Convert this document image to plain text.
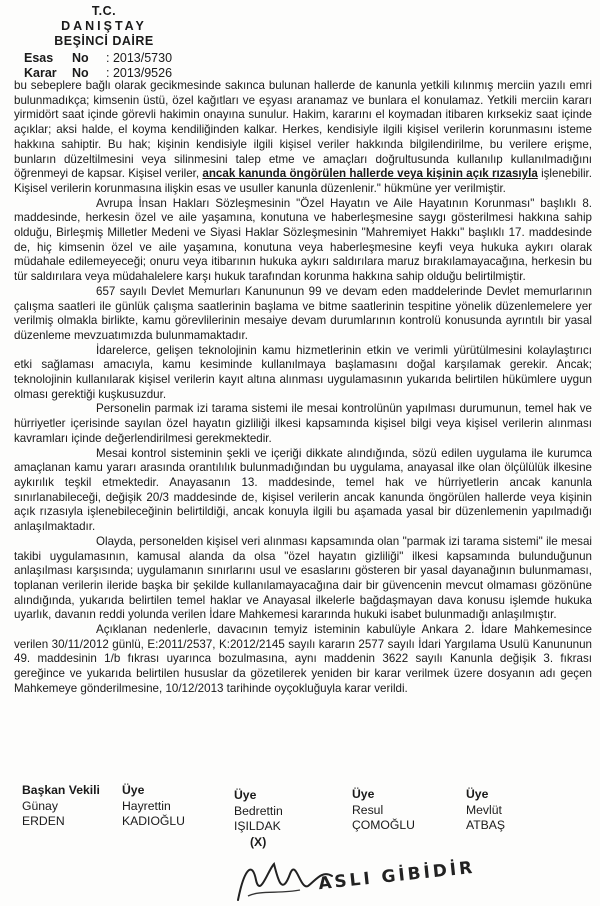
T.C.
DANIŞTAY
BEŞİNCİ DAİRE
Esas No : 2013/5730
Karar No : 2013/9526

bu sebeplere bağlı olarak gecikmesinde sakınca bulunan hallerde de kanunla yetkili kılınmış merciin yazılı emri bulunmadıkça; kimsenin üstü, özel kağıtları ve eşyası aranamaz ve bunlara el konulamaz. Yetkili merciin kararı yirmidört saat içinde görevli hakimin onayına sunulur. Hakim, kararını el koymadan itibaren kırksekiz saat içinde açıklar; aksi halde, el koyma kendiliğinden kalkar. Herkes, kendisiyle ilgili kişisel verilerin korunmasını isteme hakkına sahiptir. Bu hak; kişinin kendisiyle ilgili kişisel veriler hakkında bilgilendirilme, bu verilere erişme, bunların düzeltilmesini veya silinmesini talep etme ve amaçları doğrultusunda kullanılıp kullanılmadığını öğrenmeyi de kapsar. Kişisel veriler, ancak kanunda öngörülen hallerde veya kişinin açık rızasıyla işlenebilir. Kişisel verilerin korunmasına ilişkin esas ve usuller kanunla düzenlenir." hükmüne yer verilmiştir.

Avrupa İnsan Hakları Sözleşmesinin "Özel Hayatın ve Aile Hayatının Korunması" başlıklı 8. maddesinde, herkesin özel ve aile yaşamına, konutuna ve haberleşmesine saygı gösterilmesi hakkına sahip olduğu, Birleşmiş Milletler Medeni ve Siyasi Haklar Sözleşmesinin "Mahremiyet Hakkı" başlıklı 17. maddesinde de, hiç kimsenin özel ve aile yaşamına, konutuna veya haberleşmesine keyfi veya hukuka aykırı olarak müdahale edilemeyeceği; onuru veya itibarının hukuka aykırı saldırılara maruz bırakılamayacağına, herkesin bu tür saldırılara veya müdahalelere karşı hukuk tarafından korunma hakkına sahip olduğu belirtilmiştir.

657 sayılı Devlet Memurları Kanununun 99 ve devam eden maddelerinde Devlet memurlarının çalışma saatleri ile günlük çalışma saatlerinin başlama ve bitme saatlerinin tespitine yönelik düzenlemelere yer verilmiş olmakla birlikte, kamu görevlilerinin mesaiye devam durumlarının kontrolü konusunda ayrıntılı bir yasal düzenleme mevzuatımızda bulunmamaktadır.

İdarelerce, gelişen teknolojinin kamu hizmetlerinin etkin ve verimli yürütülmesini kolaylaştırıcı etki sağlaması amacıyla, kamu kesiminde kullanılmaya başlamasını doğal karşılamak gerekir. Ancak; teknolojinin kullanılarak kişisel verilerin kayıt altına alınması uygulamasının yukarıda belirtilen hükümlere uygun olması gerektiği kuşkusuzdur.

Personelin parmak izi tarama sistemi ile mesai kontrolünün yapılması durumunun, temel hak ve hürriyetler içerisinde sayılan özel hayatın gizliliği ilkesi kapsamında kişisel bilgi veya kişisel verilerin alınması kavramları içinde değerlendirilmesi gerekmektedir.

Mesai kontrol sisteminin şekli ve içeriği dikkate alındığında, sözü edilen uygulama ile kurumca amaçlanan kamu yararı arasında orantılılık bulunmadığından bu uygulama, anayasal ilke olan ölçülülük ilkesine aykırılık teşkil etmektedir. Anayasanın 13. maddesinde, temel hak ve hürriyetlerin ancak kanunla sınırlanabileceği, değişik 20/3 maddesinde de, kişisel verilerin ancak kanunda öngörülen hallerde veya kişinin açık rızasıyla işlenebileceğinin belirtildiği, ancak konuyla ilgili bu aşamada yasal bir düzenlemenin yapılmadığı anlaşılmaktadır.

Olayda, personelden kişisel veri alınması kapsamında olan "parmak izi tarama sistemi" ile mesai takibi uygulamasının, kamusal alanda da olsa "özel hayatın gizliliği" ilkesi kapsamında bulunduğunun anlaşılması karşısında; uygulamanın sınırlarını usul ve esaslarını gösteren bir yasal dayanağının bulunmaması, toplanan verilerin ileride başka bir şekilde kullanılamayacağına dair bir güvencenin mevcut olmaması gözönüne alındığında, yukarıda belirtilen temel haklar ve Anayasal ilkelerle bağdaşmayan dava konusu işlemde hukuka uyarlık, davanın reddi yolunda verilen İdare Mahkemesi kararında hukuki isabet bulunmadığı anlaşılmıştır.

Açıklanan nedenlerle, davacının temyiz isteminin kabulüyle Ankara 2. İdare Mahkemesince verilen 30/11/2012 günlü, E:2011/2537, K:2012/2145 sayılı kararın 2577 sayılı İdari Yargılama Usulü Kanununun 49. maddesinin 1/b fıkrası uyarınca bozulmasına, aynı maddenin 3622 sayılı Kanunla değişik 3. fıkrası gereğince ve yukarıda belirtilen hususlar da gözetilerek yeniden bir karar verilmek üzere dosyanın adı geçen Mahkemeye gönderilmesine, 10/12/2013 tarihinde oyçokluğuyla karar verildi.

Başkan Vekili
Günay
ERDEN
Üye
Hayrettin
KADIOĞLU
Üye
Bedrettin
IŞILDAK
(X)
Üye
Resul
ÇOMOĞLU
Üye
Mevlüt
ATBAŞ
ASLI GİBİDİR
